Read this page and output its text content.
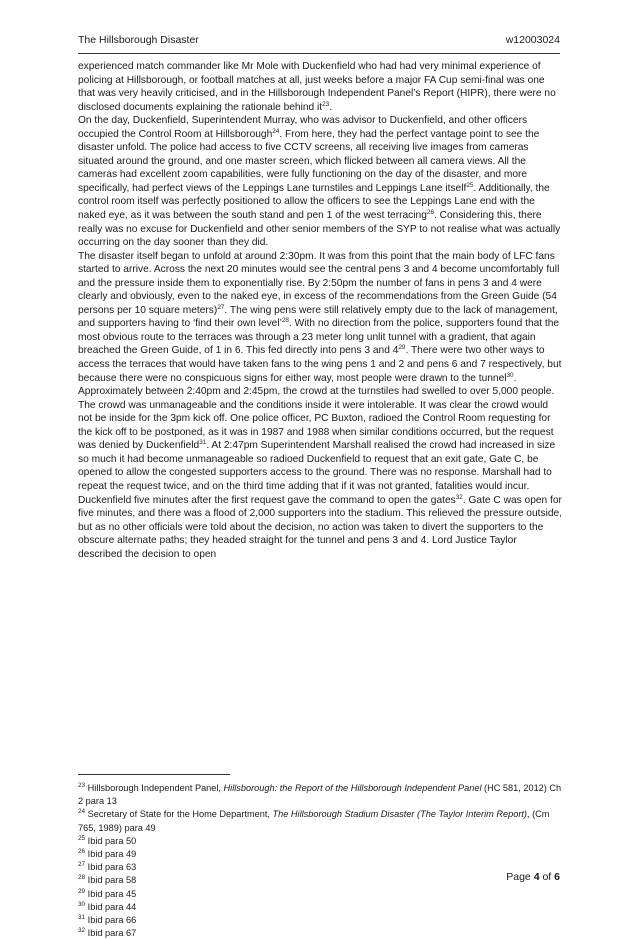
The Hillsborough Disaster	w12003024

experienced match commander like Mr Mole with Duckenfield who had had very minimal experience of policing at Hillsborough, or football matches at all, just weeks before a major FA Cup semi-final was one that was very heavily criticised, and in the Hillsborough Independent Panel’s Report (HIPR), there were no disclosed documents explaining the rationale behind $it^{23}$.

On the day, Duckenfield, Superintendent Murray, who was advisor to Duckenfield, and other officers occupied the Control Room at Hillsborough$^{24}$. From here, they had the perfect vantage point to see the disaster unfold. The police had access to five CCTV screens, all receiving live images from cameras situated around the ground, and one master screen, which flicked between all camera views. All the cameras had excellent zoom capabilities, were fully functioning on the day of the disaster, and more specifically, had perfect views of the Leppings Lane turnstiles and Leppings Lane itself$^{25}$. Additionally, the control room itself was perfectly positioned to allow the officers to see the Leppings Lane end with the naked eye, as it was between the south stand and pen 1 of the west terracing$^{26}$. Considering this, there really was no excuse for Duckenfield and other senior members of the SYP to not realise what was actually occurring on the day sooner than they did.

The disaster itself began to unfold at around 2:30pm. It was from this point that the main body of LFC fans started to arrive. Across the next 20 minutes would see the central pens 3 and 4 become uncomfortably full and the pressure inside them to exponentially rise. By 2:50pm the number of fans in pens 3 and 4 were clearly and obviously, even to the naked eye, in excess of the recommendations from the Green Guide (54 persons per 10 square meters)$^{27}$. The wing pens were still relatively empty due to the lack of management, and supporters having to ‘find their own level’$^{28}$. With no direction from the police, supporters found that the most obvious route to the terraces was through a 23 meter long unlit tunnel with a gradient, that again breached the Green Guide, of 1 in 6. This fed directly into pens 3 and $4^{29}$. There were two other ways to access the terraces that would have taken fans to the wing pens 1 and 2 and pens 6 and 7 respectively, but because there were no conspicuous signs for either way, most people were drawn to the tunnel$^{30}$.

Approximately between 2:40pm and 2:45pm, the crowd at the turnstiles had swelled to over 5,000 people. The crowd was unmanageable and the conditions inside it were intolerable. It was clear the crowd would not be inside for the 3pm kick off. One police officer, PC Buxton, radioed the Control Room requesting for the kick off to be postponed, as it was in 1987 and 1988 when similar conditions occurred, but the request was denied by Duckenfield$^{31}$. At 2:47pm Superintendent Marshall realised the crowd had increased in size so much it had become unmanageable so radioed Duckenfield to request that an exit gate, Gate C, be opened to allow the congested supporters access to the ground. There was no response. Marshall had to repeat the request twice, and on the third time adding that if it was not granted, fatalities would incur. Duckenfield five minutes after the first request gave the command to open the gates$^{32}$. Gate C was open for five minutes, and there was a flood of 2,000 supporters into the stadium. This relieved the pressure outside, but as no other officials were told about the decision, no action was taken to divert the supporters to the obscure alternate paths; they headed straight for the tunnel and pens 3 and 4. Lord Justice Taylor described the decision to open

$^{23}$ Hillsborough Independent Panel, Hillsborough: the Report of the Hillsborough Independent Panel (HC 581, 2012) Ch 2 para 13
$^{24}$ Secretary of State for the Home Department, The Hillsborough Stadium Disaster (The Taylor Interim Report), (Cm 765, 1989) para 49
$^{25}$ Ibid para 50
$^{26}$ Ibid para 49
$^{27}$ Ibid para 63
$^{28}$ Ibid para 58
$^{29}$ Ibid para 45
$^{30}$ Ibid para 44
$^{31}$ Ibid para 66
$^{32}$ Ibid para 67
Page 4 of 6
